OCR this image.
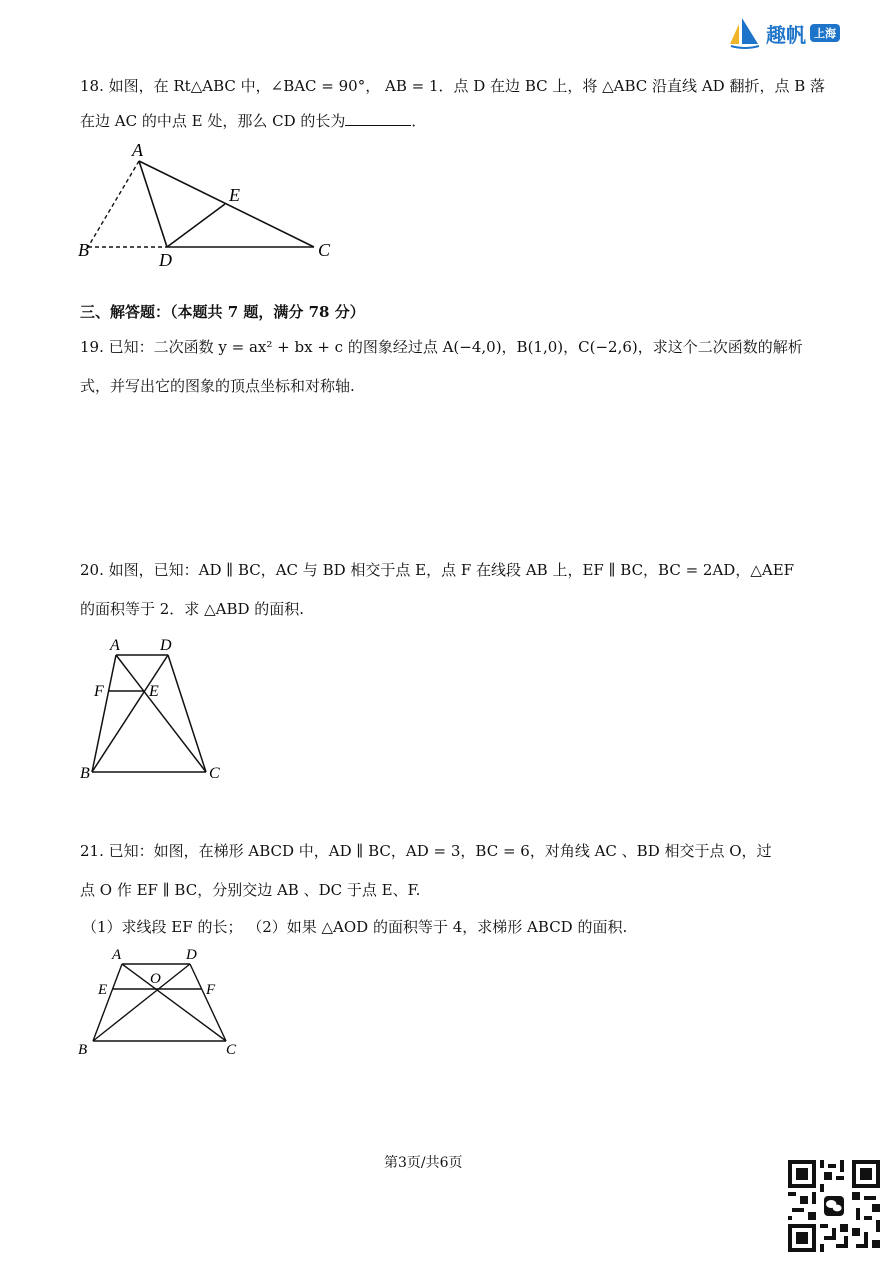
趣帆 上海
18. 如图，在 Rt△ABC 中，∠BAC = 90°， AB = 1．点 D 在边 BC 上，将 △ABC 沿直线 AD 翻折，点 B 落
在边 AC 的中点 E 处，那么 CD 的长为	．
A
B	C
D
E
三、解答题：（本题共 7 题，满分 78 分）
19. 已知：二次函数 y = ax² + bx + c 的图象经过点 A(−4,0)，B(1,0)，C(−2,6)，求这个二次函数的解析
式，并写出它的图象的顶点坐标和对称轴.
20. 如图，已知：AD ∥ BC，AC 与 BD 相交于点 E，点 F 在线段 AB 上，EF ∥ BC，BC = 2AD，△AEF
的面积等于 2．求 △ABD 的面积.
A	D
F	E
B	C
21. 已知：如图，在梯形 ABCD 中，AD ∥ BC，AD = 3，BC = 6，对角线 AC 、BD 相交于点 O，过
点 O 作 EF ∥ BC，分别交边 AB 、DC 于点 E、F.
（1）求线段 EF 的长； （2）如果 △AOD 的面积等于 4，求梯形 ABCD 的面积.
A	D
O
E	F
B	C
第3页/共6页
